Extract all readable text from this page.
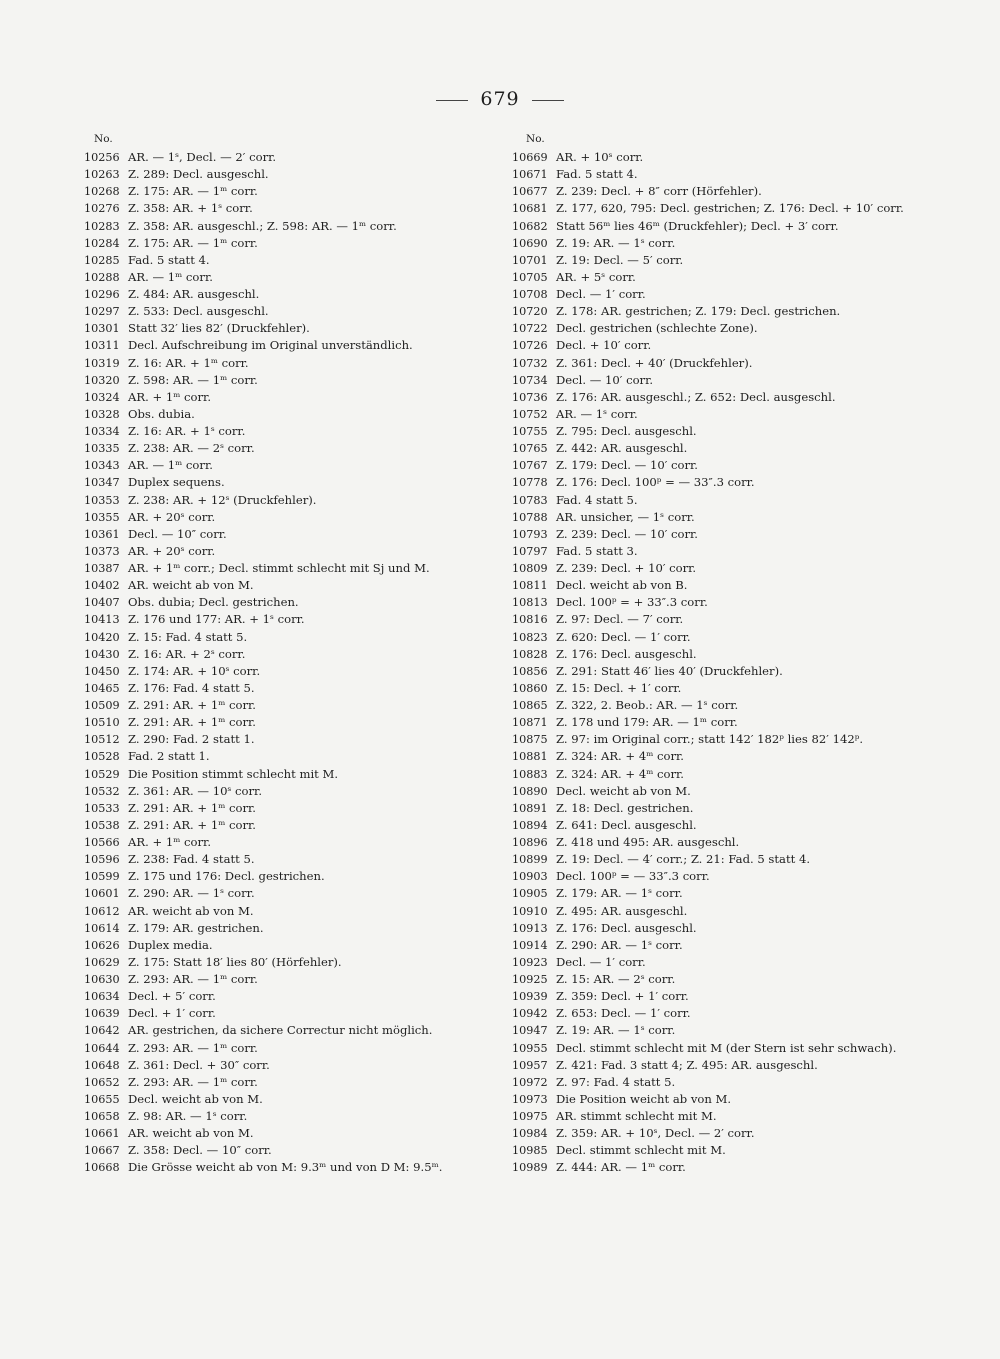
679
No.
10256 AR. — 1ˢ, Decl. — 2′ corr.
10263 Z. 289: Decl. ausgeschl.
10268 Z. 175: AR. — 1ᵐ corr.
10276 Z. 358: AR. + 1ˢ corr.
10283 Z. 358: AR. ausgeschl.; Z. 598: AR. — 1ᵐ corr.
10284 Z. 175: AR. — 1ᵐ corr.
10285 Fad. 5 statt 4.
10288 AR. — 1ᵐ corr.
10296 Z. 484: AR. ausgeschl.
10297 Z. 533: Decl. ausgeschl.
10301 Statt 32′ lies 82′ (Druckfehler).
10311 Decl. Aufschreibung im Original unverständlich.
10319 Z. 16: AR. + 1ᵐ corr.
10320 Z. 598: AR. — 1ᵐ corr.
10324 AR. + 1ᵐ corr.
10328 Obs. dubia.
10334 Z. 16: AR. + 1ˢ corr.
10335 Z. 238: AR. — 2ˢ corr.
10343 AR. — 1ᵐ corr.
10347 Duplex sequens.
10353 Z. 238: AR. + 12ˢ (Druckfehler).
10355 AR. + 20ˢ corr.
10361 Decl. — 10″ corr.
10373 AR. + 20ˢ corr.
10387 AR. + 1ᵐ corr.; Decl. stimmt schlecht mit Sj und M.
10402 AR. weicht ab von M.
10407 Obs. dubia; Decl. gestrichen.
10413 Z. 176 und 177: AR. + 1ˢ corr.
10420 Z. 15: Fad. 4 statt 5.
10430 Z. 16: AR. + 2ˢ corr.
10450 Z. 174: AR. + 10ˢ corr.
10465 Z. 176: Fad. 4 statt 5.
10509 Z. 291: AR. + 1ᵐ corr.
10510 Z. 291: AR. + 1ᵐ corr.
10512 Z. 290: Fad. 2 statt 1.
10528 Fad. 2 statt 1.
10529 Die Position stimmt schlecht mit M.
10532 Z. 361: AR. — 10ˢ corr.
10533 Z. 291: AR. + 1ᵐ corr.
10538 Z. 291: AR. + 1ᵐ corr.
10566 AR. + 1ᵐ corr.
10596 Z. 238: Fad. 4 statt 5.
10599 Z. 175 und 176: Decl. gestrichen.
10601 Z. 290: AR. — 1ˢ corr.
10612 AR. weicht ab von M.
10614 Z. 179: AR. gestrichen.
10626 Duplex media.
10629 Z. 175: Statt 18′ lies 80′ (Hörfehler).
10630 Z. 293: AR. — 1ᵐ corr.
10634 Decl. + 5′ corr.
10639 Decl. + 1′ corr.
10642 AR. gestrichen, da sichere Correctur nicht möglich.
10644 Z. 293: AR. — 1ᵐ corr.
10648 Z. 361: Decl. + 30″ corr.
10652 Z. 293: AR. — 1ᵐ corr.
10655 Decl. weicht ab von M.
10658 Z. 98: AR. — 1ˢ corr.
10661 AR. weicht ab von M.
10667 Z. 358: Decl. — 10″ corr.
10668 Die Grösse weicht ab von M: 9.3ᵐ und von D M: 9.5ᵐ.
No.
10669 AR. + 10ˢ corr.
10671 Fad. 5 statt 4.
10677 Z. 239: Decl. + 8″ corr (Hörfehler).
10681 Z. 177, 620, 795: Decl. gestrichen; Z. 176: Decl. + 10′ corr.
10682 Statt 56ᵐ lies 46ᵐ (Druckfehler); Decl. + 3′ corr.
10690 Z. 19: AR. — 1ˢ corr.
10701 Z. 19: Decl. — 5′ corr.
10705 AR. + 5ˢ corr.
10708 Decl. — 1′ corr.
10720 Z. 178: AR. gestrichen; Z. 179: Decl. gestrichen.
10722 Decl. gestrichen (schlechte Zone).
10726 Decl. + 10′ corr.
10732 Z. 361: Decl. + 40′ (Druckfehler).
10734 Decl. — 10′ corr.
10736 Z. 176: AR. ausgeschl.; Z. 652: Decl. ausgeschl.
10752 AR. — 1ˢ corr.
10755 Z. 795: Decl. ausgeschl.
10765 Z. 442: AR. ausgeschl.
10767 Z. 179: Decl. — 10′ corr.
10778 Z. 176: Decl. 100ᵖ = — 33″.3 corr.
10783 Fad. 4 statt 5.
10788 AR. unsicher, — 1ˢ corr.
10793 Z. 239: Decl. — 10′ corr.
10797 Fad. 5 statt 3.
10809 Z. 239: Decl. + 10′ corr.
10811 Decl. weicht ab von B.
10813 Decl. 100ᵖ = + 33″.3 corr.
10816 Z. 97: Decl. — 7′ corr.
10823 Z. 620: Decl. — 1′ corr.
10828 Z. 176: Decl. ausgeschl.
10856 Z. 291: Statt 46′ lies 40′ (Druckfehler).
10860 Z. 15: Decl. + 1′ corr.
10865 Z. 322, 2. Beob.: AR. — 1ˢ corr.
10871 Z. 178 und 179: AR. — 1ᵐ corr.
10875 Z. 97: im Original corr.; statt 142′ 182ᵖ lies 82′ 142ᵖ.
10881 Z. 324: AR. + 4ᵐ corr.
10883 Z. 324: AR. + 4ᵐ corr.
10890 Decl. weicht ab von M.
10891 Z. 18: Decl. gestrichen.
10894 Z. 641: Decl. ausgeschl.
10896 Z. 418 und 495: AR. ausgeschl.
10899 Z. 19: Decl. — 4′ corr.; Z. 21: Fad. 5 statt 4.
10903 Decl. 100ᵖ = — 33″.3 corr.
10905 Z. 179: AR. — 1ˢ corr.
10910 Z. 495: AR. ausgeschl.
10913 Z. 176: Decl. ausgeschl.
10914 Z. 290: AR. — 1ˢ corr.
10923 Decl. — 1′ corr.
10925 Z. 15: AR. — 2ˢ corr.
10939 Z. 359: Decl. + 1′ corr.
10942 Z. 653: Decl. — 1′ corr.
10947 Z. 19: AR. — 1ˢ corr.
10955 Decl. stimmt schlecht mit M (der Stern ist sehr schwach).
10957 Z. 421: Fad. 3 statt 4; Z. 495: AR. ausgeschl.
10972 Z. 97: Fad. 4 statt 5.
10973 Die Position weicht ab von M.
10975 AR. stimmt schlecht mit M.
10984 Z. 359: AR. + 10ˢ, Decl. — 2′ corr.
10985 Decl. stimmt schlecht mit M.
10989 Z. 444: AR. — 1ᵐ corr.
